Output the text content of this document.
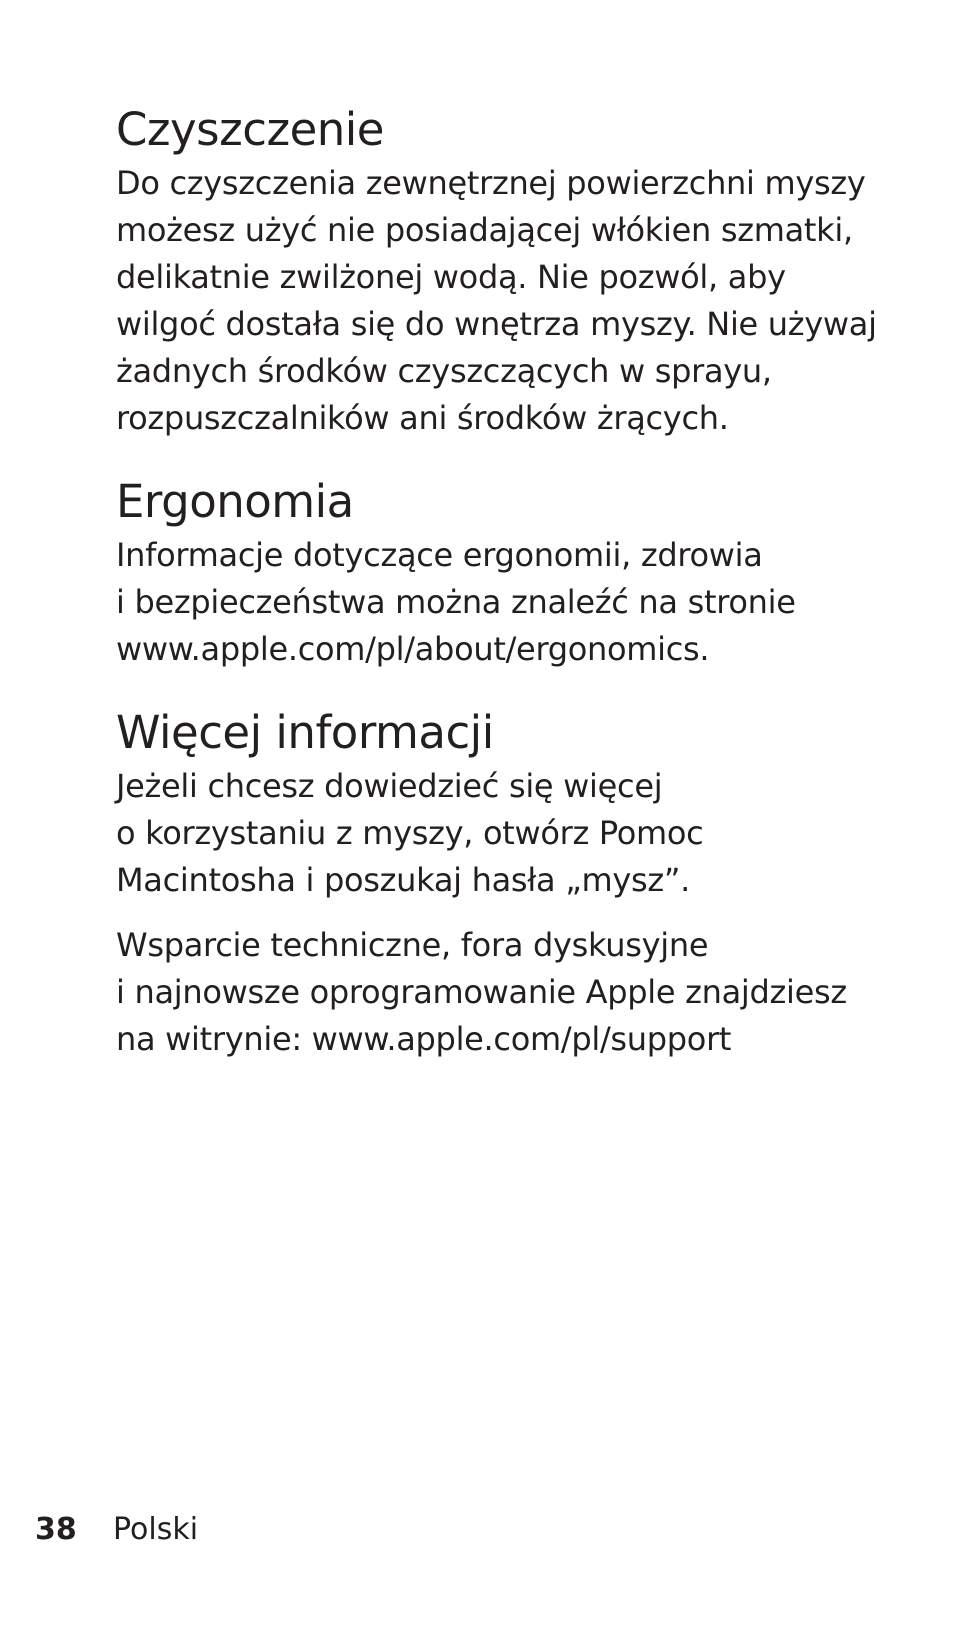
Czyszczenie

Do czyszczenia zewnętrznej powierzchni myszy
możesz użyć nie posiadającej włókien szmatki,
delikatnie zwilżonej wodą. Nie pozwól, aby
wilgoć dostała się do wnętrza myszy. Nie używaj
żadnych środków czyszczących w sprayu,
rozpuszczalników ani środków żrących.

Ergonomia

Informacje dotyczące ergonomii, zdrowia
i bezpieczeństwa można znaleźć na stronie
www.apple.com/pl/about/ergonomics.

Więcej informacji

Jeżeli chcesz dowiedzieć się więcej
o korzystaniu z myszy, otwórz Pomoc
Macintosha i poszukaj hasła „mysz”.

Wsparcie techniczne, fora dyskusyjne
i najnowsze oprogramowanie Apple znajdziesz
na witrynie: www.apple.com/pl/support

38 Polski
